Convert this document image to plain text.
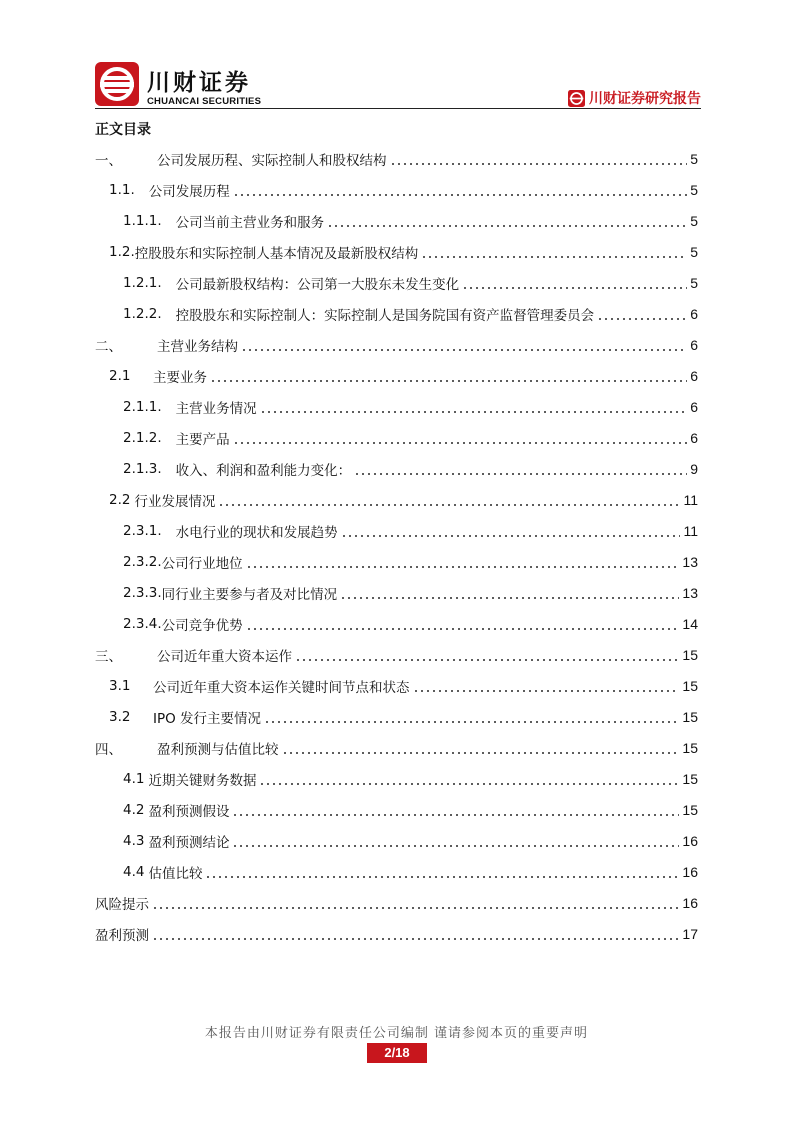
川财证券
CHUANCAI SECURITIES	川财证券研究报告
正文目录
一、	公司发展历程、实际控制人和股权结构	5
1.1. 公司发展历程	5
1.1.1. 公司当前主营业务和服务	5
1.2. 控股股东和实际控制人基本情况及最新股权结构	5
1.2.1. 公司最新股权结构：公司第一大股东未发生变化	5
1.2.2. 控股股东和实际控制人：实际控制人是国务院国有资产监督管理委员会	6
二、	主营业务结构	6
2.1	主要业务	6
2.1.1. 主营业务情况	6
2.1.2. 主要产品	6
2.1.3. 收入、利润和盈利能力变化：	9
2.2 行业发展情况	11
2.3.1. 水电行业的现状和发展趋势	11
2.3.2. 公司行业地位	13
2.3.3. 同行业主要参与者及对比情况	13
2.3.4. 公司竞争优势	14
三、	公司近年重大资本运作	15
3.1	公司近年重大资本运作关键时间节点和状态	15
3.2	IPO 发行主要情况	15
四、	盈利预测与估值比较	15
4.1 近期关键财务数据	15
4.2 盈利预测假设	15
4.3 盈利预测结论	16
4.4 估值比较	16
风险提示	16
盈利预测	17
本报告由川财证券有限责任公司编制 谨请参阅本页的重要声明
2/18
